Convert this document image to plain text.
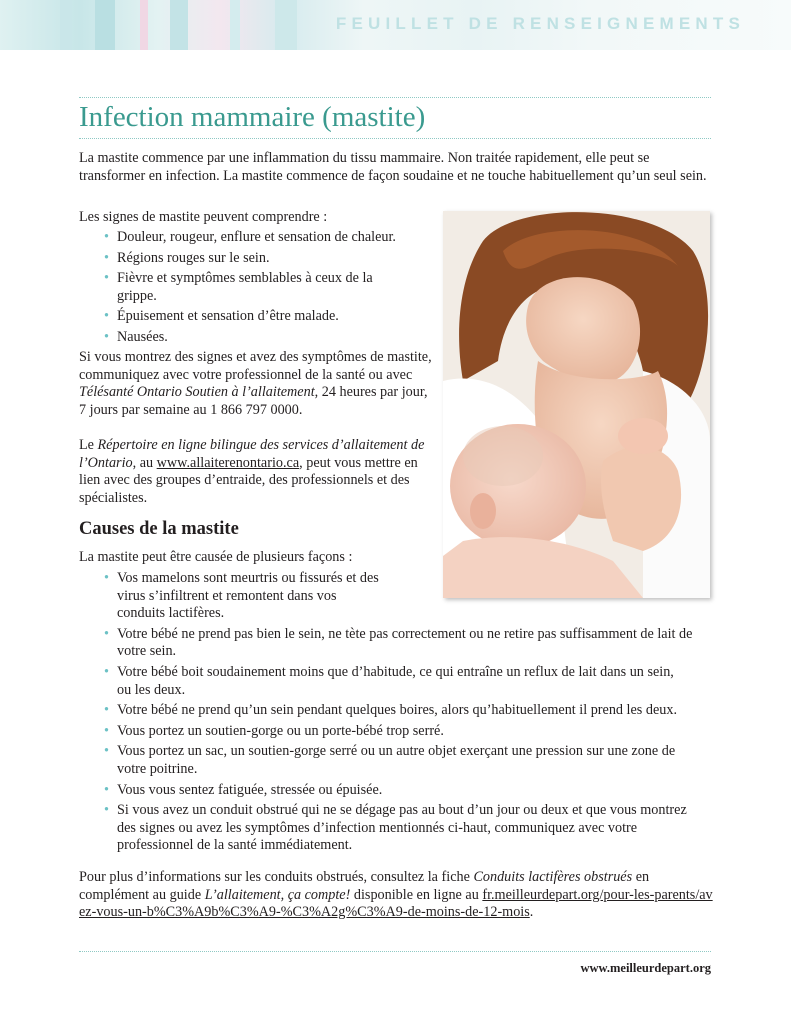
FEUILLET DE RENSEIGNEMENTS
Infection mammaire (mastite)

La mastite commence par une inflammation du tissu mammaire. Non traitée rapidement, elle peut se transformer en infection. La mastite commence de façon soudaine et ne touche habituellement qu’un seul sein.

Les signes de mastite peuvent comprendre :

• Douleur, rougeur, enflure et sensation de chaleur.
• Régions rouges sur le sein.
• Fièvre et symptômes semblables à ceux de la grippe.
• Épuisement et sensation d’être malade.
• Nausées.

Si vous montrez des signes et avez des symptômes de mastite, communiquez avec votre professionnel de la santé ou avec Télésanté Ontario Soutien à l’allaitement, 24 heures par jour, 7 jours par semaine au 1 866 797 0000.

Le Répertoire en ligne bilingue des services d’allaitement de l’Ontario, au www.allaiterenontario.ca, peut vous mettre en lien avec des groupes d’entraide, des professionnels et des spécialistes.

Causes de la mastite

La mastite peut être causée de plusieurs façons :

• Vos mamelons sont meurtris ou fissurés et des virus s’infiltrent et remontent dans vos conduits lactifères.
• Votre bébé ne prend pas bien le sein, ne tète pas correctement ou ne retire pas suffisamment de lait de votre sein.
• Votre bébé boit soudainement moins que d’habitude, ce qui entraîne un reflux de lait dans un sein, ou les deux.
• Votre bébé ne prend qu’un sein pendant quelques boires, alors qu’habituellement il prend les deux.
• Vous portez un soutien-gorge ou un porte-bébé trop serré.
• Vous portez un sac, un soutien-gorge serré ou un autre objet exerçant une pression sur une zone de votre poitrine.
• Vous vous sentez fatiguée, stressée ou épuisée.
• Si vous avez un conduit obstrué qui ne se dégage pas au bout d’un jour ou deux et que vous montrez des signes ou avez les symptômes d’infection mentionnés ci-haut, communiquez avec votre professionnel de la santé immédiatement.

Pour plus d’informations sur les conduits obstrués, consultez la fiche Conduits lactifères obstrués en complément au guide L’allaitement, ça compte! disponible en ligne au fr.meilleurdepart.org/pour-les-parents/avez-vous-un-b%C3%A9b%C3%A9-%C3%A2g%C3%A9-de-moins-de-12-mois.

www.meilleurdepart.org
